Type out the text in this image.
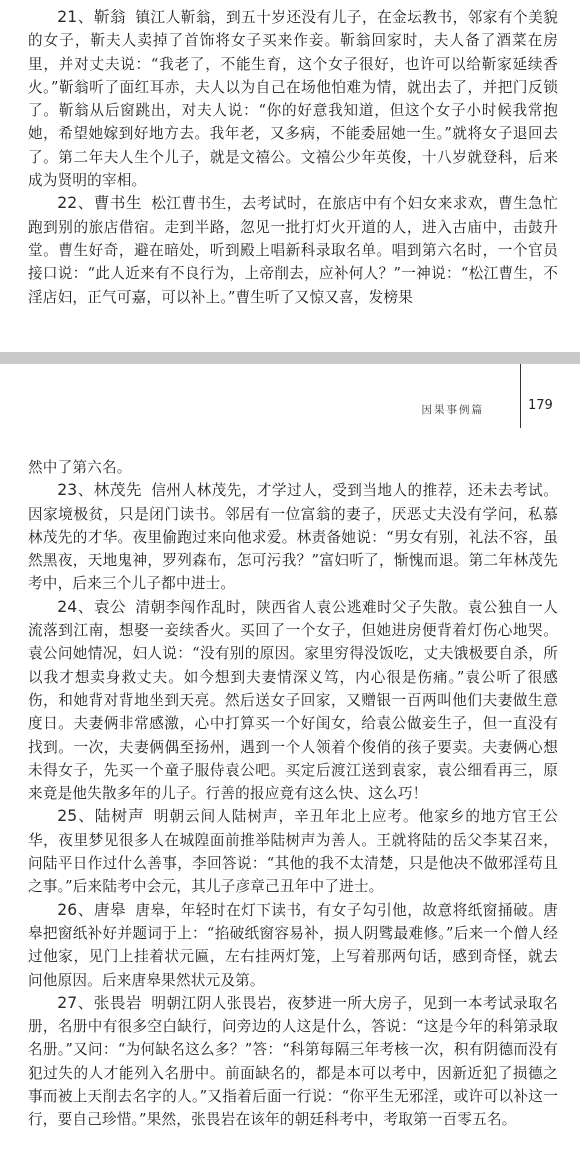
21、靳翁 镇江人靳翁，到五十岁还没有儿子，在金坛教书，邻家有个美貌的女子，靳夫人卖掉了首饰将女子买来作妾。靳翁回家时，夫人备了酒菜在房里，并对丈夫说：“我老了，不能生育，这个女子很好，也许可以给靳家延续香火。”靳翁听了面红耳赤，夫人以为自己在场他怕难为情，就出去了，并把门反锁了。靳翁从后窗跳出，对夫人说：“你的好意我知道，但这个女子小时候我常抱她，希望她嫁到好地方去。我年老，又多病，不能委屈她一生。”就将女子退回去了。第二年夫人生个儿子，就是文禧公。文禧公少年英俊，十八岁就登科，后来成为贤明的宰相。

22、曹书生 松江曹书生，去考试时，在旅店中有个妇女来求欢，曹生急忙跑到别的旅店借宿。走到半路，忽见一批打灯火开道的人，进入古庙中，击鼓升堂。曹生好奇，避在暗处，听到殿上唱新科录取名单。唱到第六名时，一个官员接口说：“此人近来有不良行为，上帝削去，应补何人？”一神说：“松江曹生，不淫店妇，正气可嘉，可以补上。”曹生听了又惊又喜，发榜果

因果事例篇	179

然中了第六名。

23、林茂先 信州人林茂先，才学过人，受到当地人的推荐，还未去考试。因家境极贫，只是闭门读书。邻居有一位富翁的妻子，厌恶丈夫没有学问，私慕林茂先的才华。夜里偷跑过来向他求爱。林责备她说：“男女有别，礼法不容，虽然黑夜，天地鬼神，罗列森布，怎可污我？”富妇听了，惭愧而退。第二年林茂先考中，后来三个儿子都中进士。

24、袁公 清朝李闯作乱时，陕西省人袁公逃难时父子失散。袁公独自一人流落到江南，想娶一妾续香火。买回了一个女子，但她进房便背着灯伤心地哭。袁公问她情况，妇人说：“没有别的原因。家里穷得没饭吃，丈夫饿极要自杀，所以我才想卖身救丈夫。如今想到夫妻情深义笃，内心很是伤痛。”袁公听了很感伤，和她背对背地坐到天亮。然后送女子回家，又赠银一百两叫他们夫妻做生意度日。夫妻俩非常感激，心中打算买一个好闺女，给袁公做妾生子，但一直没有找到。一次，夫妻俩偶至扬州，遇到一个人领着个俊俏的孩子要卖。夫妻俩心想未得女子，先买一个童子服侍袁公吧。买定后渡江送到袁家，袁公细看再三，原来竟是他失散多年的儿子。行善的报应竟有这么快、这么巧！

25、陆树声 明朝云间人陆树声，辛丑年北上应考。他家乡的地方官王公华，夜里梦见很多人在城隍面前推举陆树声为善人。王就将陆的岳父李某召来，问陆平日作过什么善事，李回答说：“其他的我不太清楚，只是他决不做邪淫苟且之事。”后来陆考中会元，其儿子彦章己丑年中了进士。

26、唐皋 唐皋，年轻时在灯下读书，有女子勾引他，故意将纸窗捅破。唐皋把窗纸补好并题词于上：“掐破纸窗容易补，损人阴骘最难修。”后来一个僧人经过他家，见门上挂着状元匾，左右挂两灯笼，上写着那两句话，感到奇怪，就去问他原因。后来唐皋果然状元及第。

27、张畏岩 明朝江阴人张畏岩，夜梦进一所大房子，见到一本考试录取名册，名册中有很多空白缺行，问旁边的人这是什么，答说：“这是今年的科第录取名册。”又问：“为何缺名这么多？”答：“科第每隔三年考核一次，积有阴德而没有犯过失的人才能列入名册中。前面缺名的，都是本可以考中，因新近犯了损德之事而被上天削去名字的人。”又指着后面一行说：“你平生无邪淫，或许可以补这一行，要自己珍惜。”果然，张畏岩在该年的朝廷科考中，考取第一百零五名。
